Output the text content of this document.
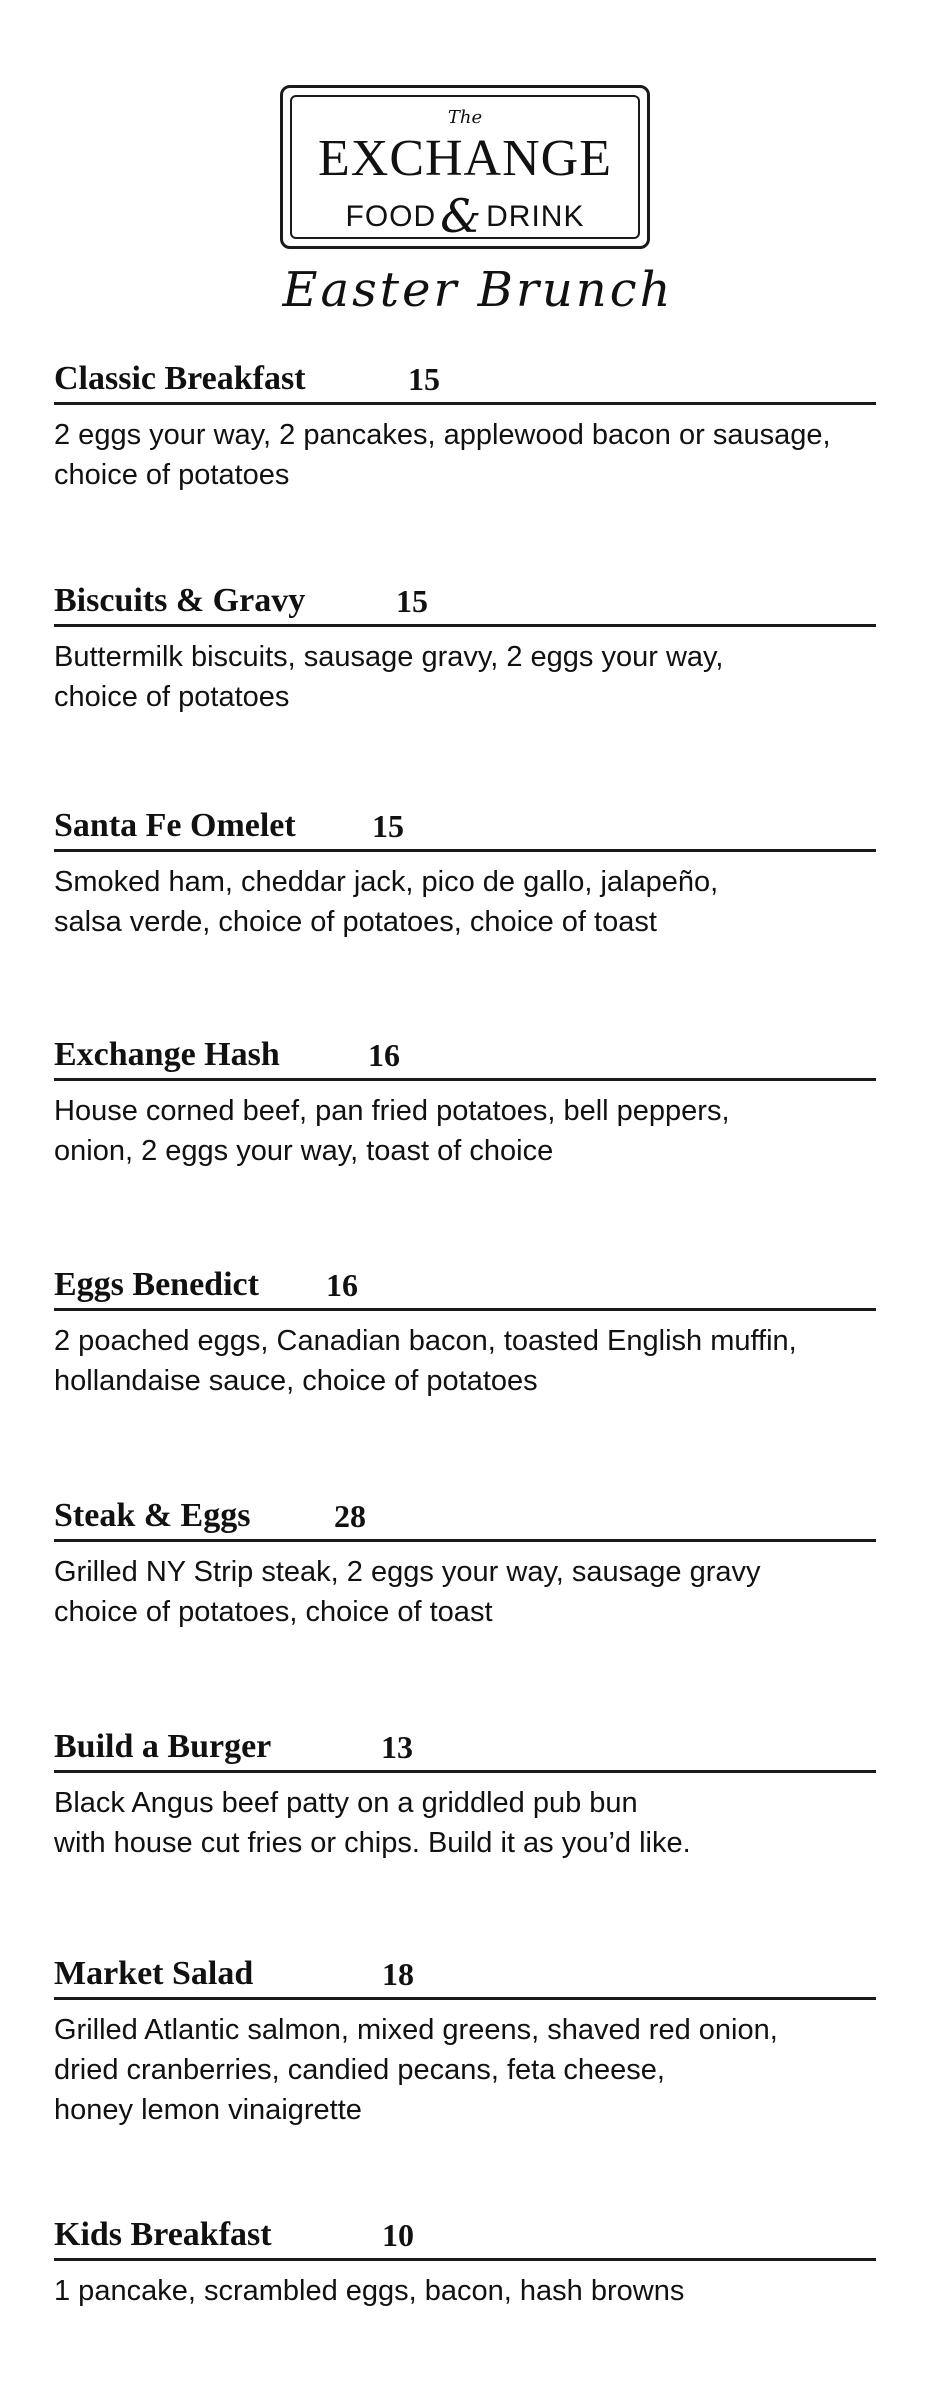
The
EXCHANGE
FOOD& DRINK
Easter Brunch
Classic Breakfast	15
2 eggs your way, 2 pancakes, applewood bacon or sausage,
choice of potatoes
Biscuits & Gravy	15
Buttermilk biscuits, sausage gravy, 2 eggs your way,
choice of potatoes
Santa Fe Omelet 15
Smoked ham, cheddar jack, pico de gallo, jalapeño,
salsa verde, choice of potatoes, choice of toast
Exchange Hash	16
House corned beef, pan fried potatoes, bell peppers,
onion, 2 eggs your way, toast of choice
Eggs Benedict 16
2 poached eggs, Canadian bacon, toasted English muffin,
hollandaise sauce, choice of potatoes
Steak & Eggs	28
Grilled NY Strip steak, 2 eggs your way, sausage gravy
choice of potatoes, choice of toast
Build a Burger	13
Black Angus beef patty on a griddled pub bun
with house cut fries or chips. Build it as you’d like.
Market Salad	18
Grilled Atlantic salmon, mixed greens, shaved red onion,
dried cranberries, candied pecans, feta cheese,
honey lemon vinaigrette
Kids Breakfast	10
1 pancake, scrambled eggs, bacon, hash browns
